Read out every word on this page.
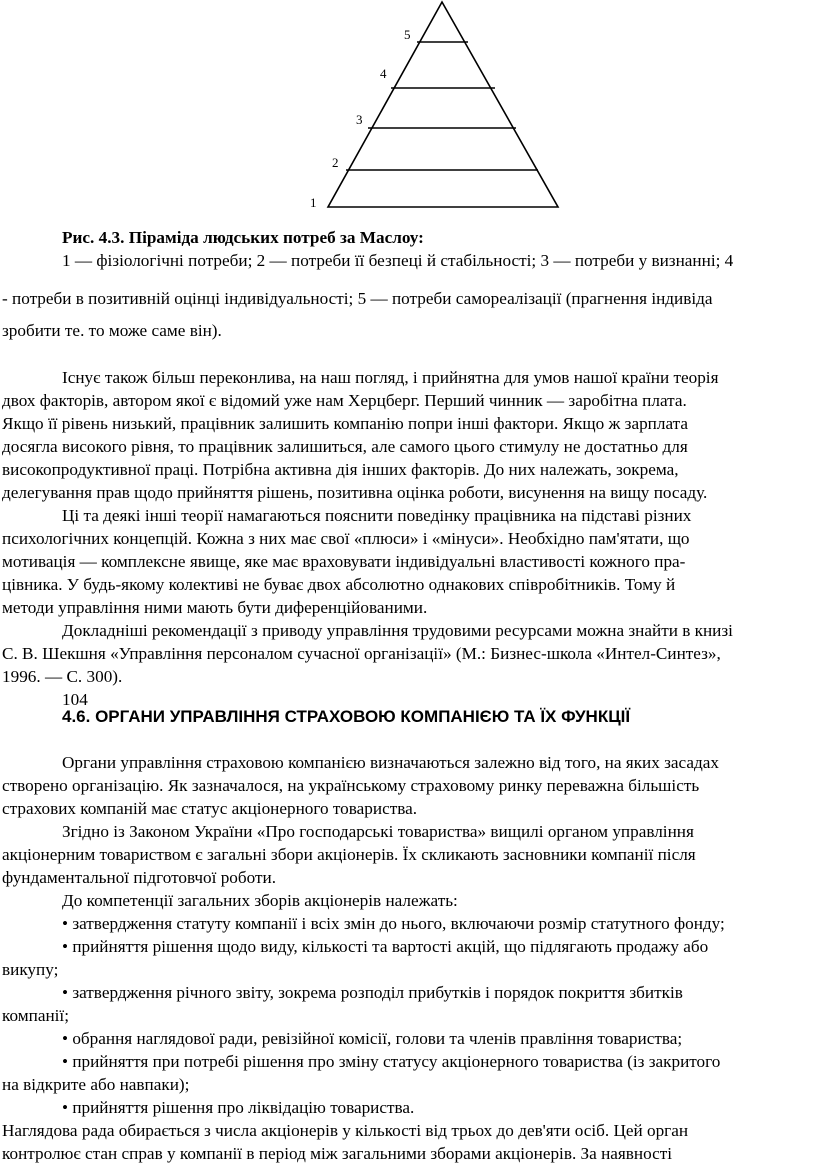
1
2
3
4
5
Рис. 4.3. Піраміда людських потреб за Маслоу:
1 — фізіологічні потреби; 2 — потреби її безпеці й стабільності; 3 — потреби у визнанні; 4
- потреби в позитивній оцінці індивідуальності; 5 — потреби самореалізації (прагнення індивіда
зробити те. то може саме він).

Існує також більш переконлива, на наш погляд, і прийнятна для умов нашої країни теорія

двох факторів, автором якої є відомий уже нам Херцберг. Перший чинник — заробітна плата.

Якщо її рівень низький, працівник залишить компанію попри інші фактори. Якщо ж зарплата

досягла високого рівня, то працівник залишиться, але самого цього стимулу не достатньо для

високопродуктивної праці. Потрібна активна дія інших факторів. До них належать, зокрема,

делегування прав щодо прийняття рішень, позитивна оцінка роботи, висунення на вищу посаду.

Ці та деякі інші теорії намагаються пояснити поведінку працівника на підставі різних

психологічних концепцій. Кожна з них має свої «плюси» і «мінуси». Необхідно пам'ятати, що

мотивація — комплексне явище, яке має враховувати індивідуальні властивості кожного пра-

цівника. У будь-якому колективі не буває двох абсолютно однакових співробітників. Тому й

методи управління ними мають бути диференційованими.

Докладніші рекомендації з приводу управління трудовими ресурсами можна знайти в книзі

С. В. Шекшня «Управління персоналом сучасної організації» (М.: Бизнес-школа «Интел-Синтез»,

1996. — С. 300).

104

4.6. ОРГАНИ УПРАВЛІННЯ СТРАХОВОЮ КОМПАНІЄЮ ТА ЇХ ФУНКЦІЇ

Органи управління страховою компанією визначаються залежно від того, на яких засадах

створено організацію. Як зазначалося, на українському страховому ринку переважна більшість

страхових компаній має статус акціонерного товариства.

Згідно із Законом України «Про господарські товариства» вищилі органом управління

акціонерним товариством є загальні збори акціонерів. Їх скликають засновники компанії після

фундаментальної підготовчої роботи.

До компетенції загальних зборів акціонерів належать:

• затвердження статуту компанії і всіх змін до нього, включаючи розмір статутного фонду;

• прийняття рішення щодо виду, кількості та вартості акцій, що підлягають продажу або

викупу;

• затвердження річного звіту, зокрема розподіл прибутків і порядок покриття збитків

компанії;

• обрання наглядової ради, ревізійної комісії, голови та членів правління товариства;

• прийняття при потребі рішення про зміну статусу акціонерного товариства (із закритого

на відкрите або навпаки);

• прийняття рішення про ліквідацію товариства.

Наглядова рада обирається з числа акціонерів у кількості від трьох до дев'яти осіб. Цей орган

контролює стан справ у компанії в період між загальними зборами акціонерів. За наявності
